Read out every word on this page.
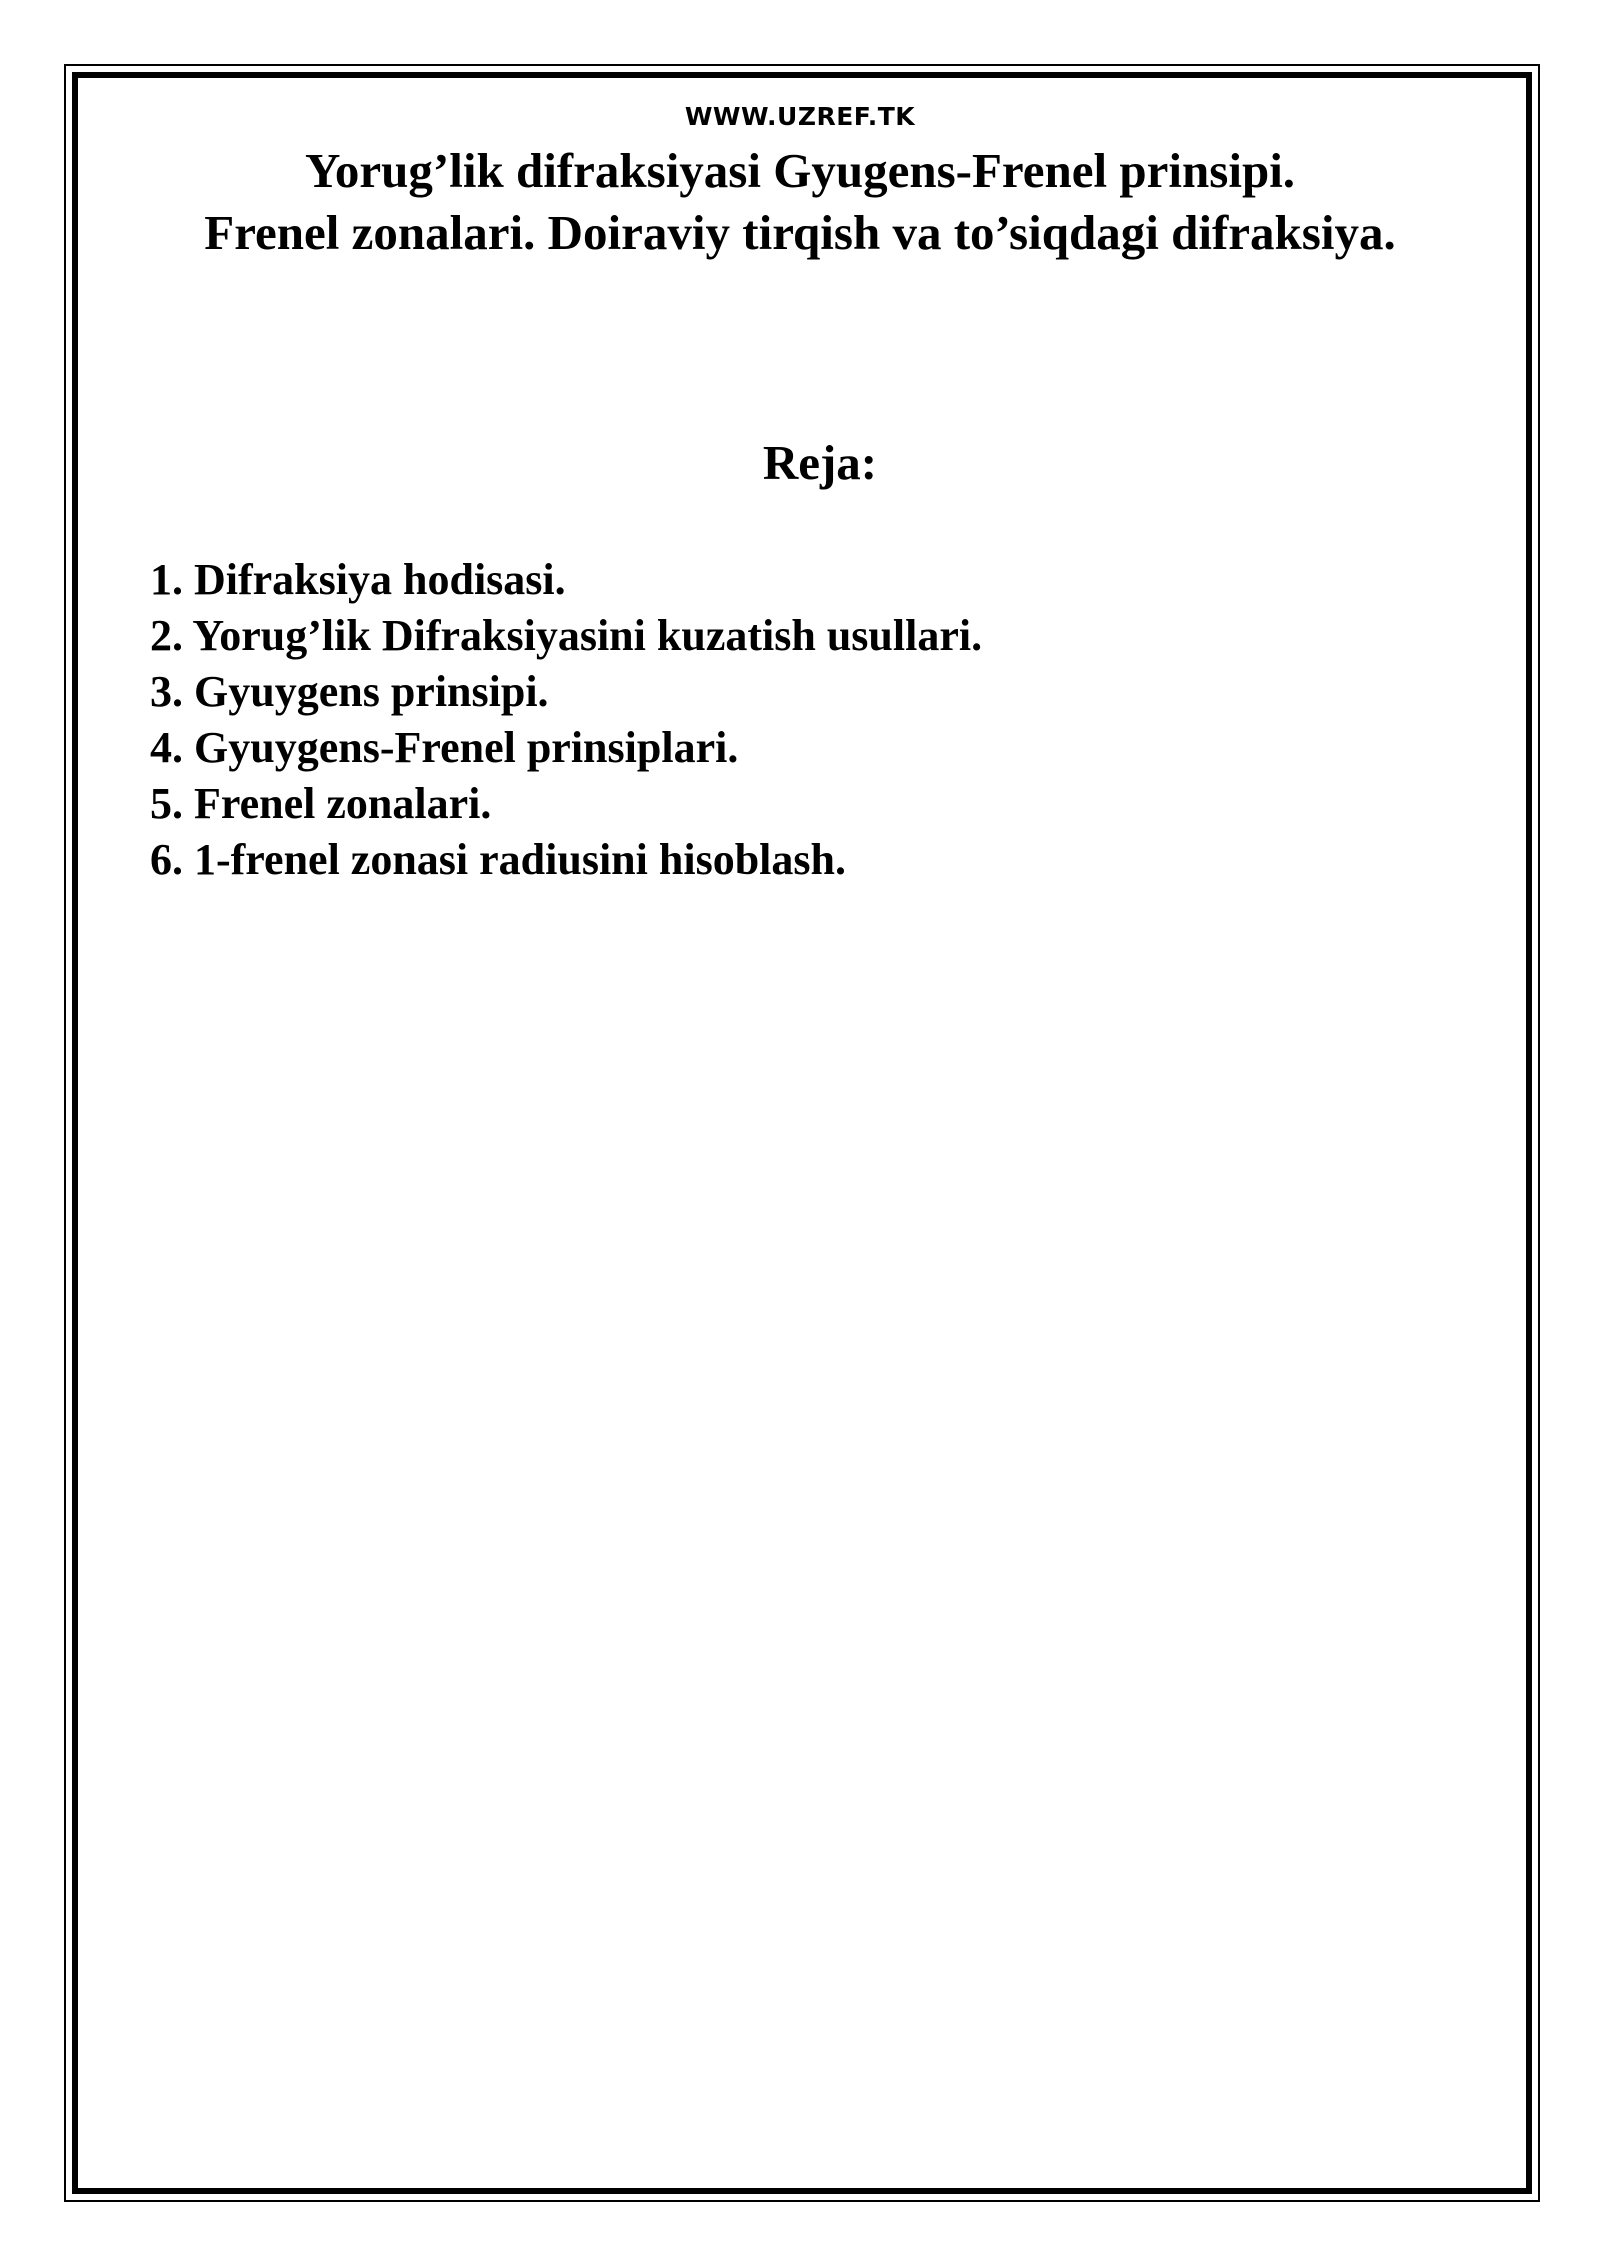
WWW.UZREF.TK
Yorug’lik difraksiyasi Gyugens-Frenel prinsipi.
Frenel zonalari. Doiraviy tirqish va to’siqdagi difraksiya.
Reja:
1. Difraksiya hodisasi.
2. Yorug’lik Difraksiyasini kuzatish usullari.
3. Gyuygens prinsipi.
4. Gyuygens-Frenel prinsiplari.
5. Frenel zonalari.
6. 1-frenel zonasi radiusini hisoblash.
